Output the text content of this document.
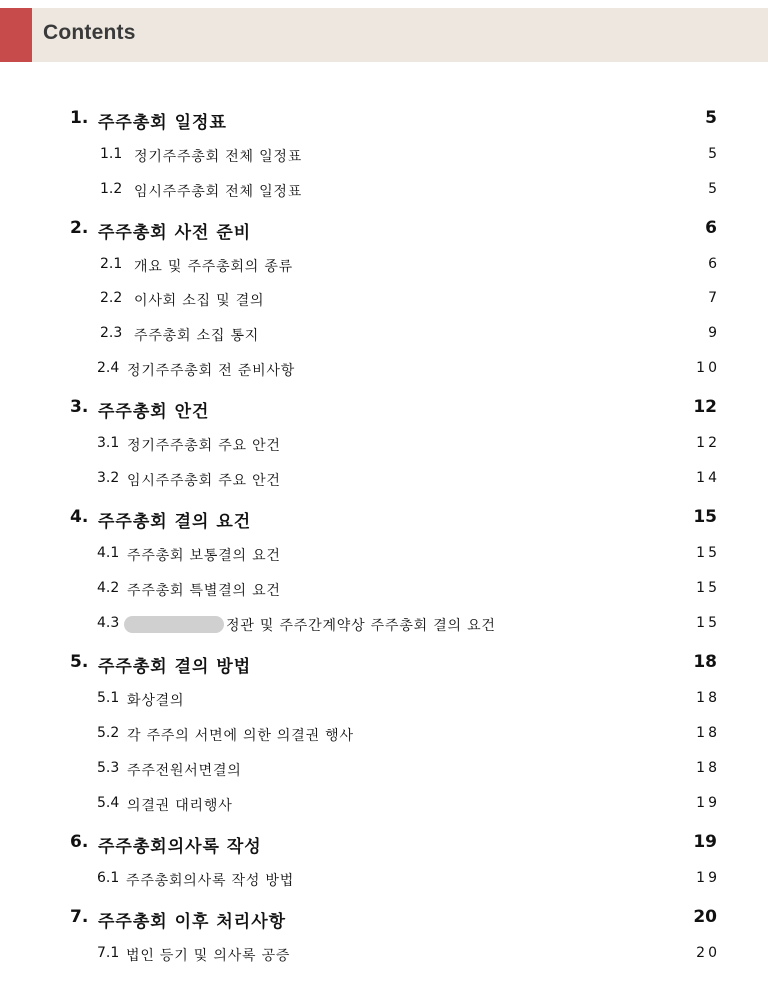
Contents
1. 주주총회 일정표	5
1.1 정기주주총회 전체 일정표	5
1.2 임시주주총회 전체 일정표	5
2. 주주총회 사전 준비	6
2.1 개요 및 주주총회의 종류	6
2.2 이사회 소집 및 결의	7
2.3 주주총회 소집 통지	9
2.4 정기주주총회 전 준비사항	10
3. 주주총회 안건	12
3.1 정기주주총회 주요 안건	12
3.2 임시주주총회 주요 안건	14
4. 주주총회 결의 요건	15
4.1 주주총회 보통결의 요건	15
4.2 주주총회 특별결의 요건	15
4.3	정관 및 주주간계약상 주주총회 결의 요건	15
5. 주주총회 결의 방법	18
5.1 화상결의	18
5.2 각 주주의 서면에 의한 의결권 행사	18
5.3 주주전원서면결의	18
5.4 의결권 대리행사	19
6. 주주총회의사록 작성	19
6.1 주주총회의사록 작성 방법	19
7. 주주총회 이후 처리사항	20
7.1 법인 등기 및 의사록 공증	20
